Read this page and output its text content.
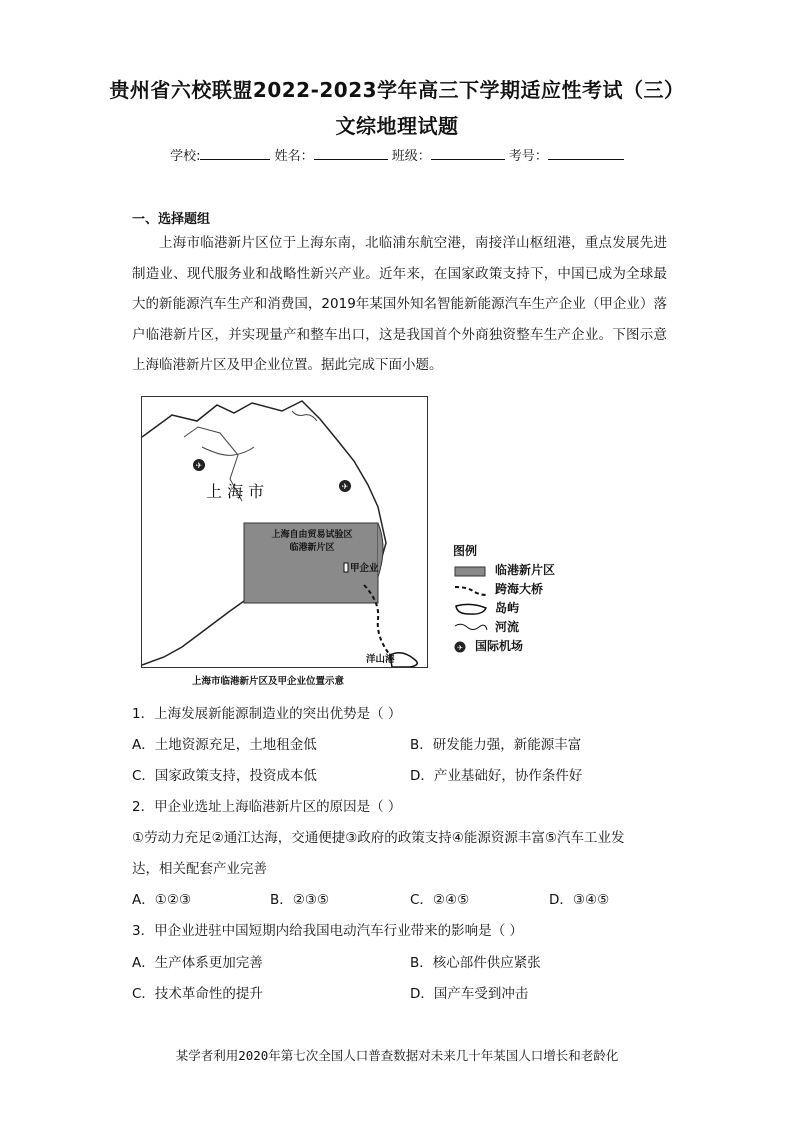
贵州省六校联盟2022-2023学年高三下学期适应性考试（三）
文综地理试题
学校:	姓名：	班级：	考号：
一、选择题组

上海市临港新片区位于上海东南，北临浦东航空港，南接洋山枢纽港，重点发展先进制造业、现代服务业和战略性新兴产业。近年来，在国家政策支持下，中国已成为全球最大的新能源汽车生产和消费国，2019年某国外知名智能新能源汽车生产企业（甲企业）落户临港新片区，并实现量产和整车出口，这是我国首个外商独资整车生产企业。下图示意上海临港新片区及甲企业位置。据此完成下面小题。

✈
✈
上 海 市
上海自由贸易试验区
临港新片区
甲企业
洋山港
上海市临港新片区及甲企业位置示意
图例
临港新片区
跨海大桥
岛屿
河流
✈ 国际机场
1．上海发展新能源制造业的突出优势是（ ）
A．土地资源充足，土地租金低	B．研发能力强，新能源丰富
C．国家政策支持，投资成本低	D．产业基础好，协作条件好
2．甲企业选址上海临港新片区的原因是（ ）
①劳动力充足②通江达海，交通便捷③政府的政策支持④能源资源丰富⑤汽车工业发
达，相关配套产业完善
A．①②③	B．②③⑤	C．②④⑤	D．③④⑤
3．甲企业进驻中国短期内给我国电动汽车行业带来的影响是（ ）
A．生产体系更加完善	B．核心部件供应紧张
C．技术革命性的提升	D．国产车受到冲击
某学者利用2020年第七次全国人口普查数据对未来几十年某国人口增长和老龄化
